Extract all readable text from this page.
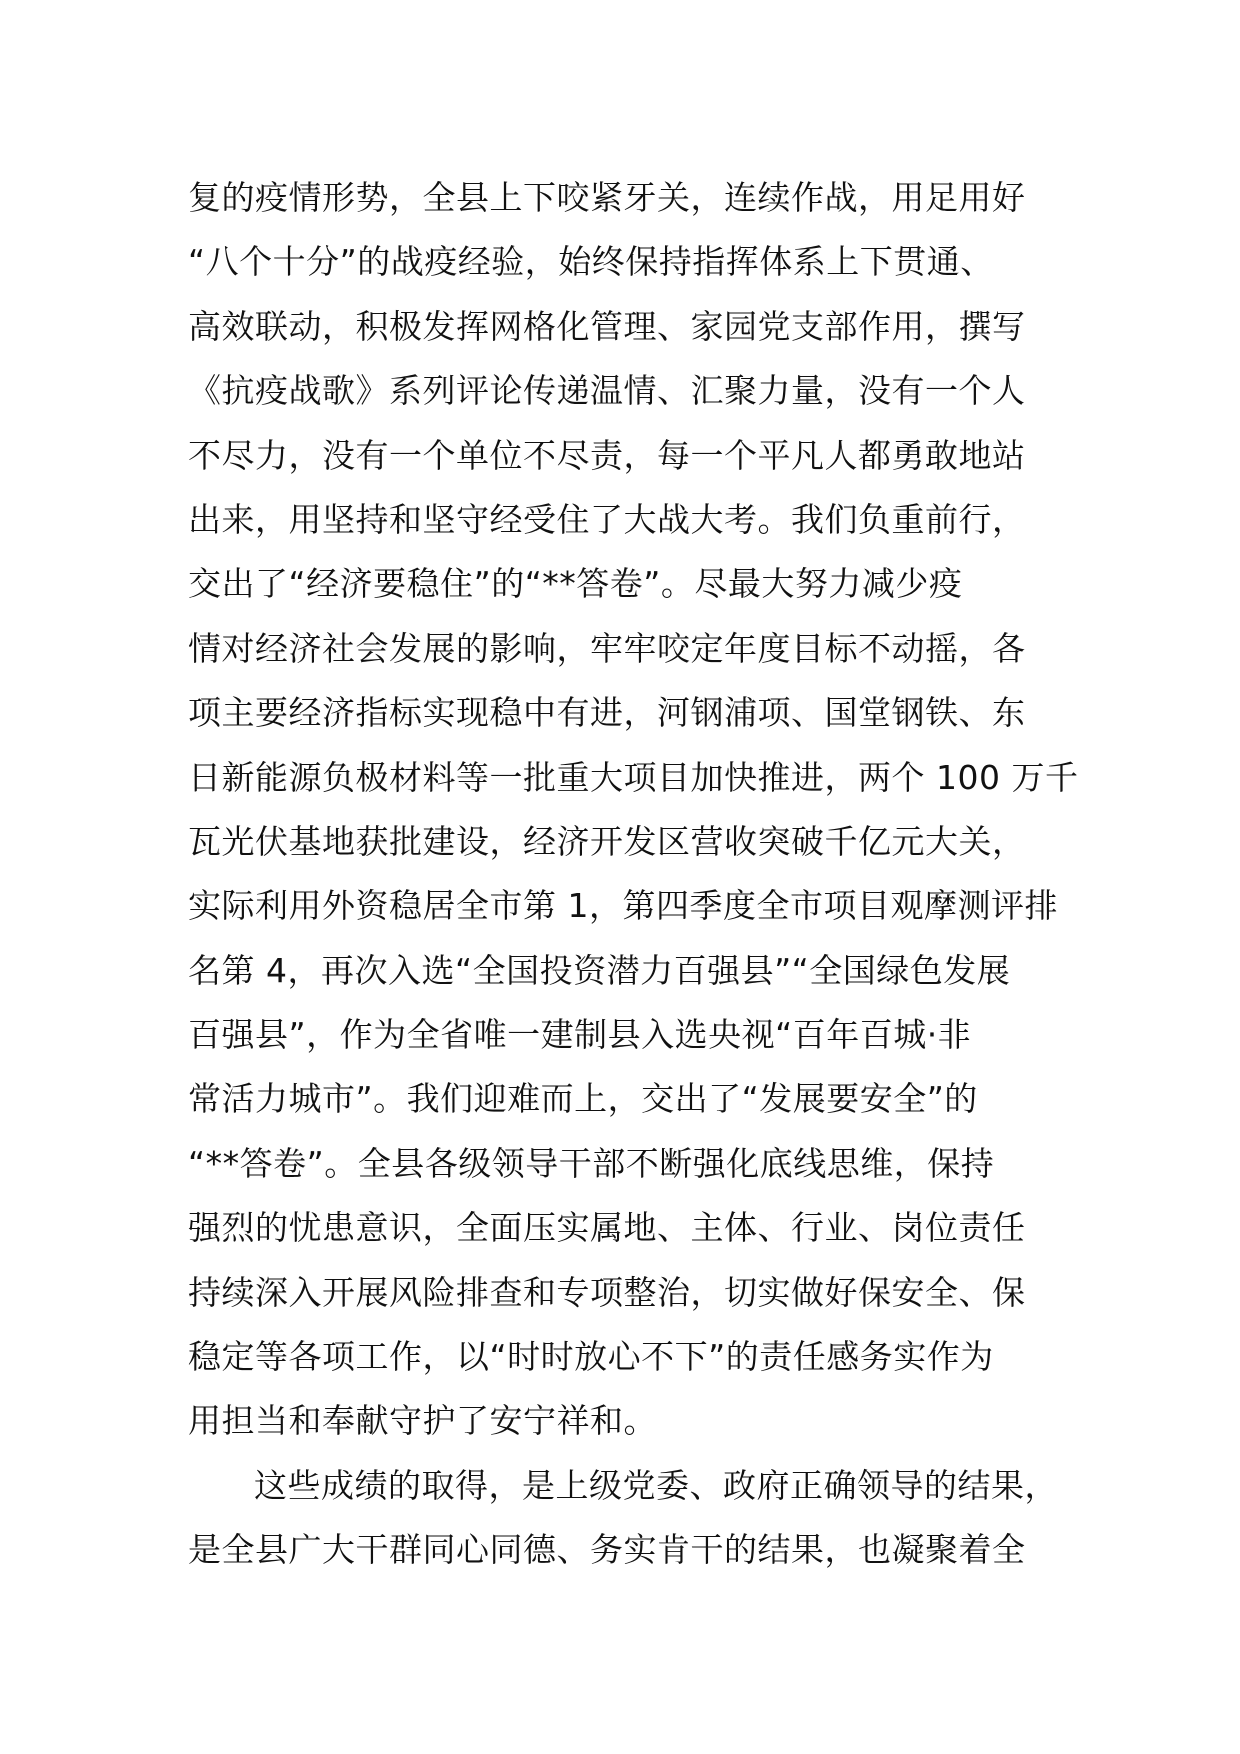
复的疫情形势，全县上下咬紧牙关，连续作战，用足用好
“八个十分”的战疫经验，始终保持指挥体系上下贯通、
高效联动，积极发挥网格化管理、家园党支部作用，撰写
《抗疫战歌》系列评论传递温情、汇聚力量，没有一个人
不尽力，没有一个单位不尽责，每一个平凡人都勇敢地站
出来，用坚持和坚守经受住了大战大考。我们负重前行，
交出了“经济要稳住”的“**答卷”。尽最大努力减少疫
情对经济社会发展的影响，牢牢咬定年度目标不动摇，各
项主要经济指标实现稳中有进，河钢浦项、国堂钢铁、东
日新能源负极材料等一批重大项目加快推进，两个 100 万千
瓦光伏基地获批建设，经济开发区营收突破千亿元大关，
实际利用外资稳居全市第 1，第四季度全市项目观摩测评排
名第 4，再次入选“全国投资潜力百强县”“全国绿色发展
百强县”，作为全省唯一建制县入选央视“百年百城·非
常活力城市”。我们迎难而上，交出了“发展要安全”的
“**答卷”。全县各级领导干部不断强化底线思维，保持
强烈的忧患意识，全面压实属地、主体、行业、岗位责任
持续深入开展风险排查和专项整治，切实做好保安全、保
稳定等各项工作，以“时时放心不下”的责任感务实作为
用担当和奉献守护了安宁祥和。
这些成绩的取得，是上级党委、政府正确领导的结果，
是全县广大干群同心同德、务实肯干的结果，也凝聚着全
